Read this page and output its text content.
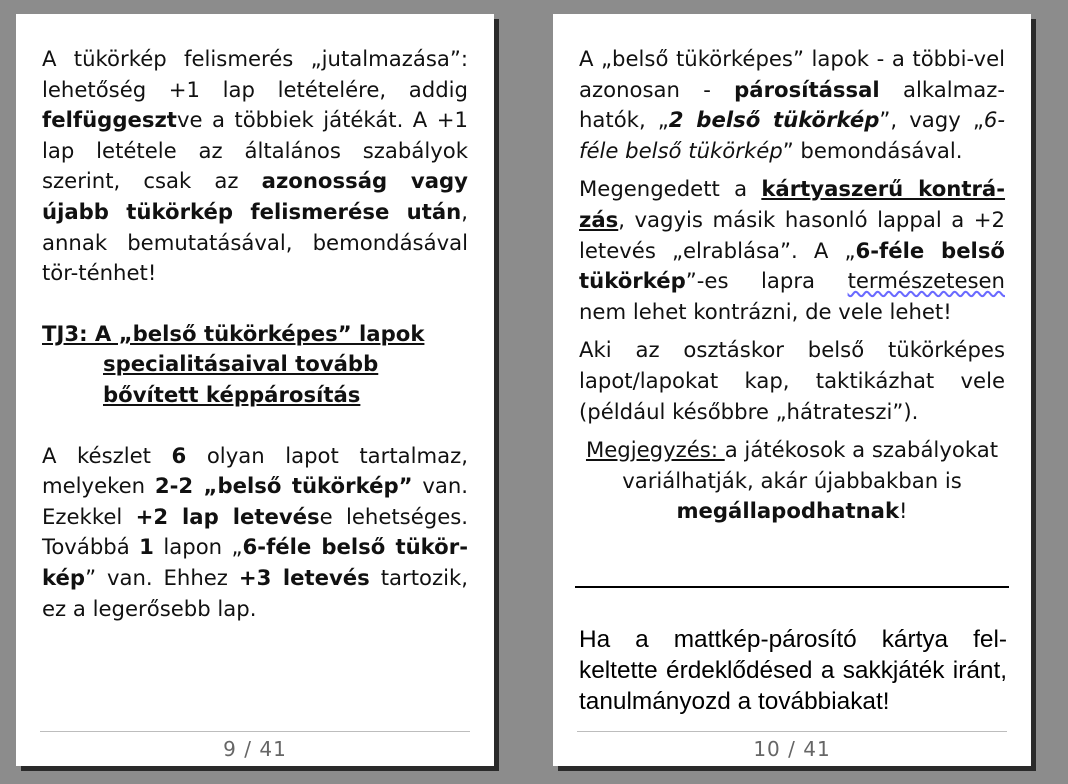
A tükörkép felismerés „jutalmazása”: lehetőség +1 lap letételére, addig felfüggesztve a többiek játékát. A +1 lap letétele az általános szabályok szerint, csak az azonosság vagy újabb tükörkép felismerése után, annak bemutatásával, bemondásával tör-ténhet!

TJ3: A „belső tükörképes” lapok
specialitásaival tovább
bővített képpárosítás

A készlet 6 olyan lapot tartalmaz, melyeken 2-2 „belső tükörkép” van. Ezekkel +2 lap letevése lehetséges. Továbbá 1 lapon „6-féle belső tükör-kép” van. Ehhez +3 letevés tartozik, ez a legerősebb lap.

9 / 41

A „belső tükörképes” lapok - a többi-vel azonosan - párosítással alkalmaz-hatók, „2 belső tükörkép”, vagy „6-féle belső tükörkép” bemondásával.

Megengedett a kártyaszerű kontrá-zás, vagyis másik hasonló lappal a +2 letevés „elrablása”. A „6-féle belső tükörkép”-es lapra természetesen nem lehet kontrázni, de vele lehet!

Aki az osztáskor belső tükörképes lapot/lapokat kap, taktikázhat vele (például későbbre „hátrateszi”).

Megjegyzés: a játékosok a szabályokat variálhatják, akár újabbakban is megállapodhatnak!

Ha a mattkép-párosító kártya fel-keltette érdeklődésed a sakkjáték iránt, tanulmányozd a továbbiakat!

10 / 41
